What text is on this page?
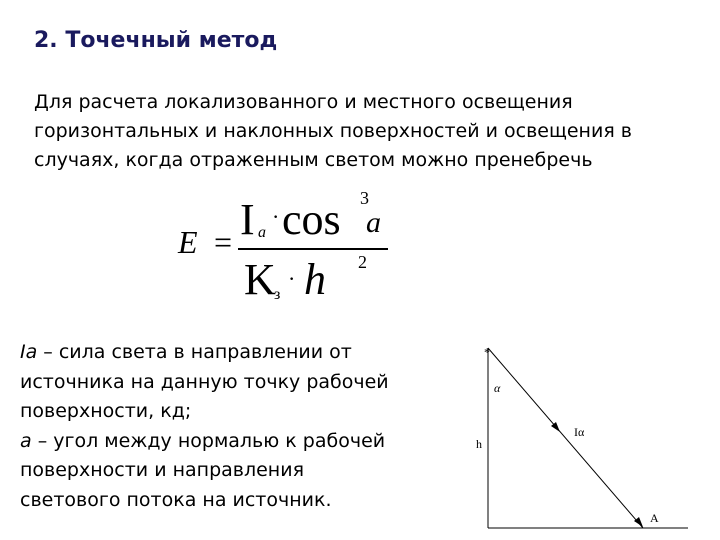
2. Точечный метод
Для расчета локализованного и местного освещения горизонтальных и наклонных поверхностей и освещения в случаях, когда отраженным светом можно пренебречь
E = I a
· cos 3
a
K
з
· h 2
Ia – сила света в направлении от
источника на данную точку рабочей
поверхности, кд;
a – угол между нормалью к рабочей
поверхности и направления
светового потока на источник.
*
α
Iα
h
A
